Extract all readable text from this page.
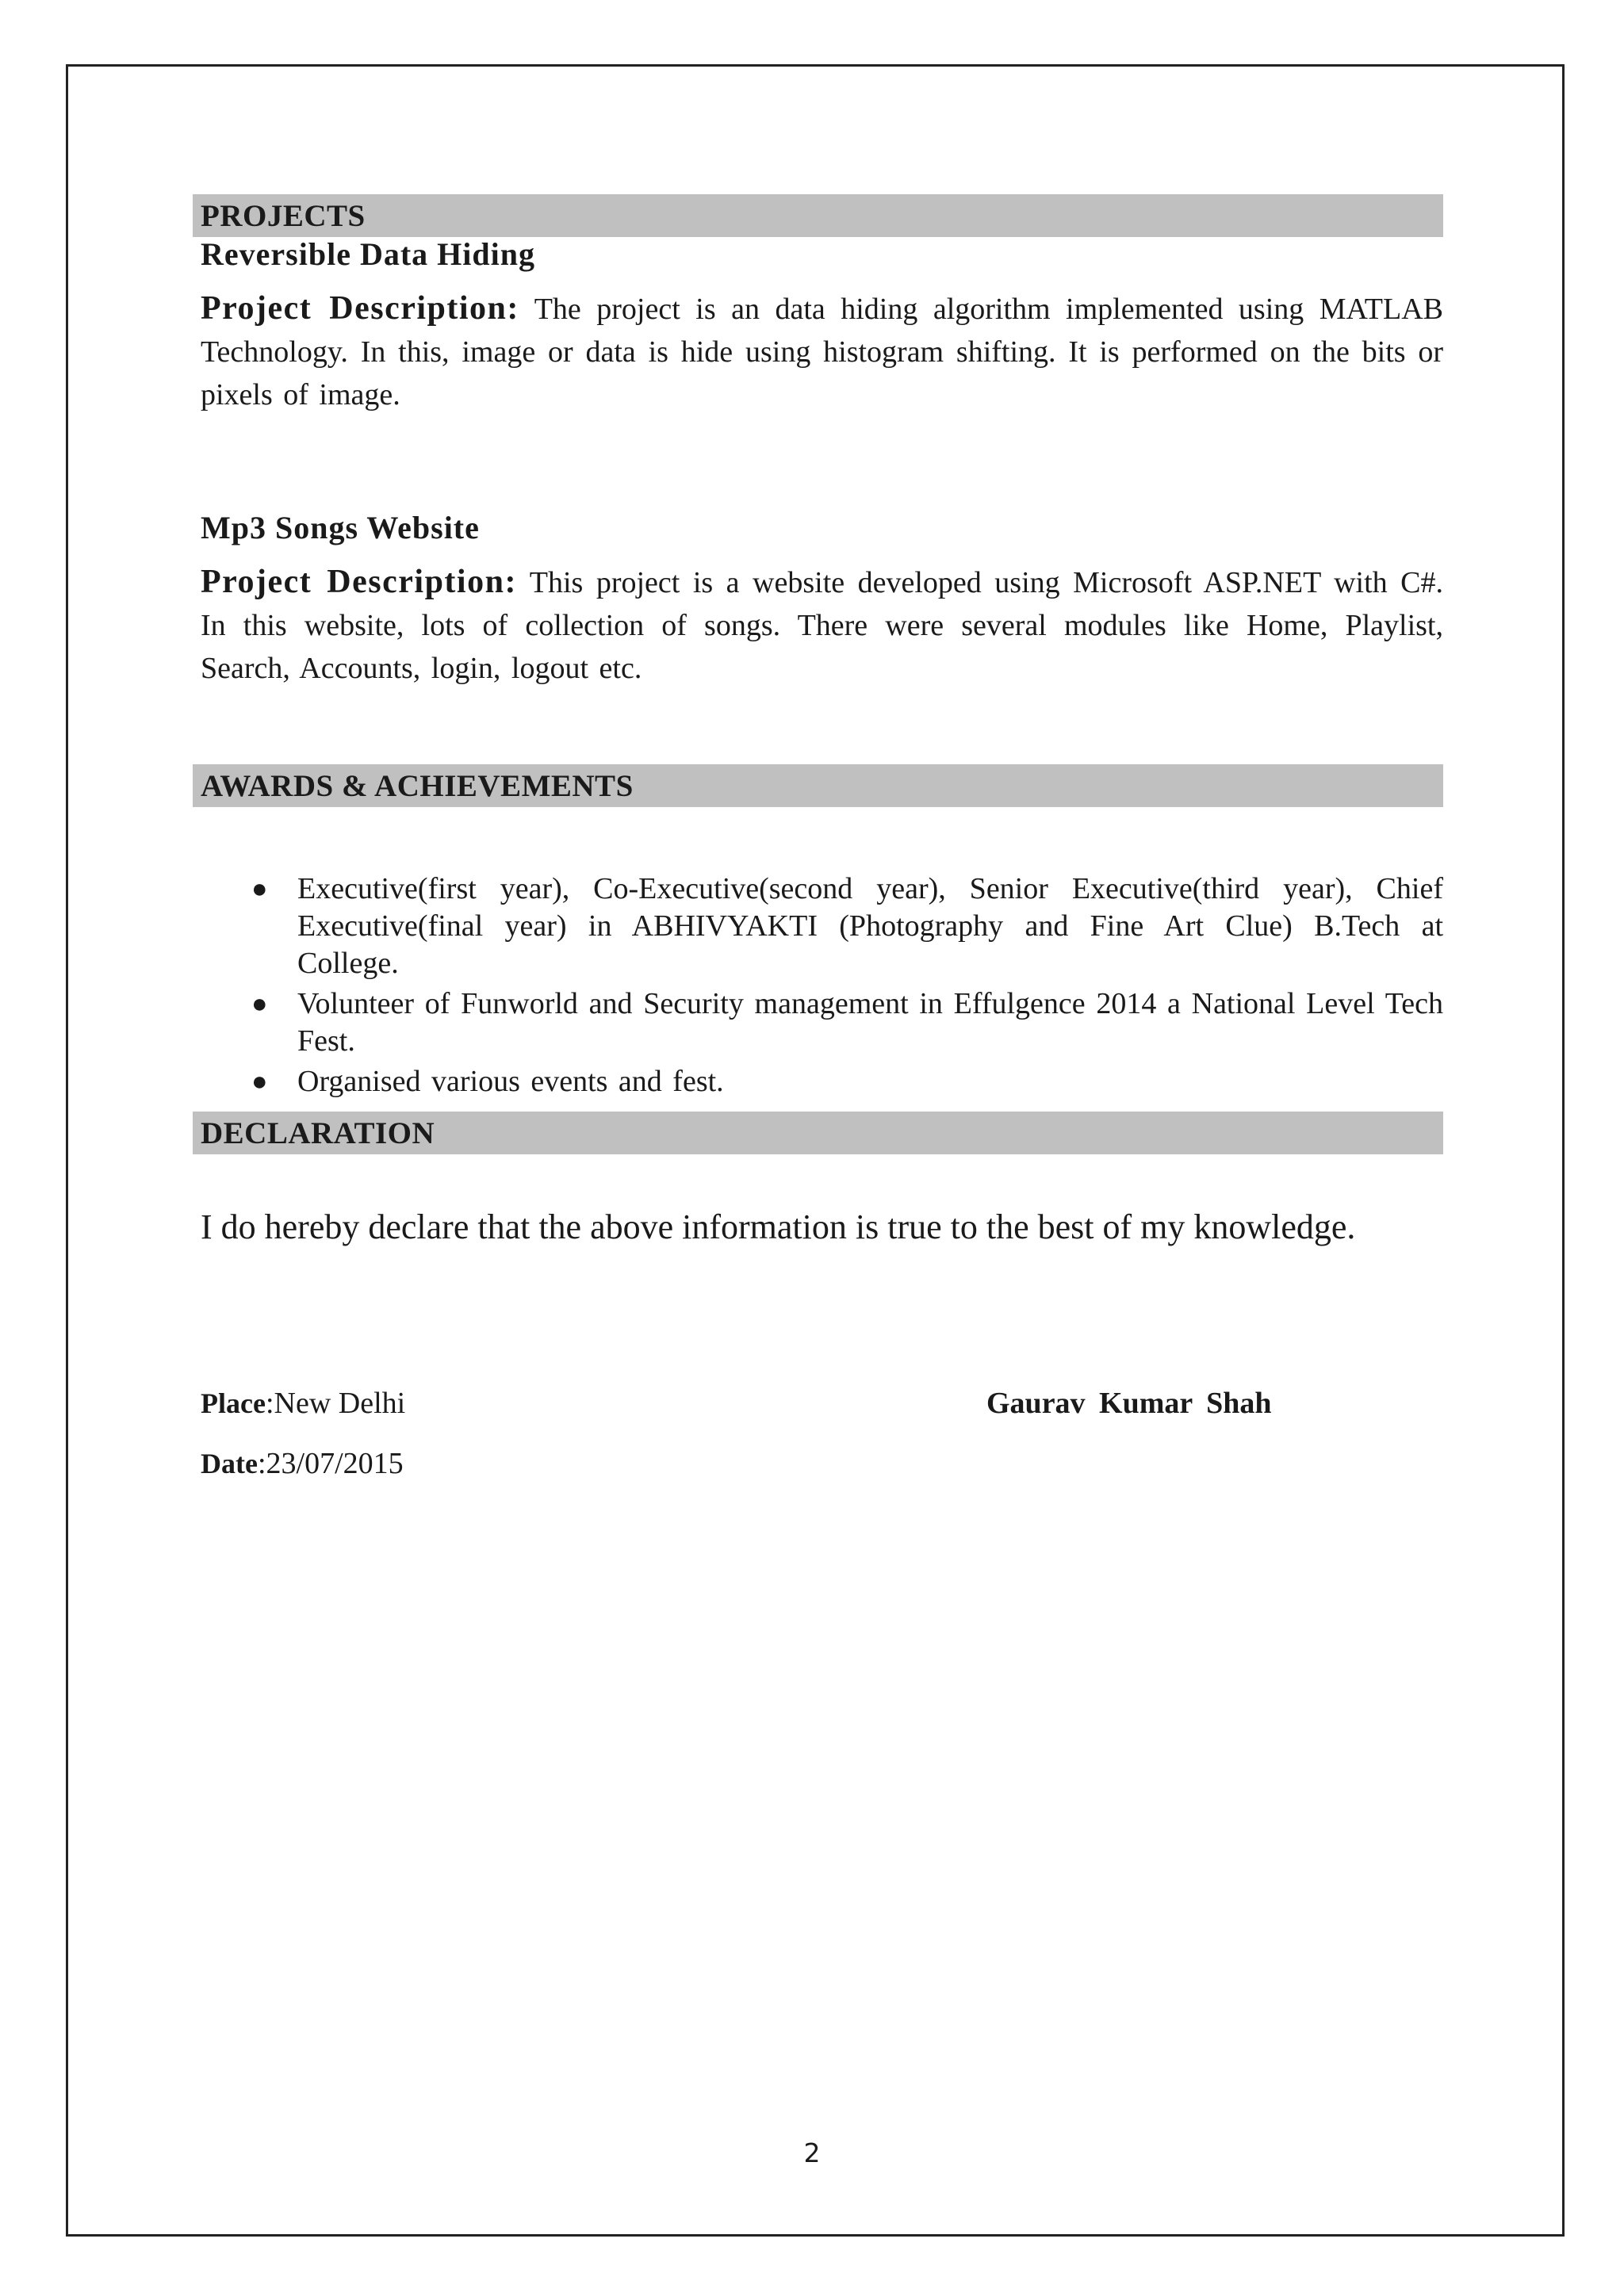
PROJECTS
Reversible Data Hiding
Project Description: The project is an data hiding algorithm implemented using MATLAB Technology. In this, image or data is hide using histogram shifting. It is performed on the bits or pixels of image.
Mp3 Songs Website
Project Description: This project is a website developed using Microsoft ASP.NET with C#. In this website, lots of collection of songs. There were several modules like Home, Playlist, Search, Accounts, login, logout etc.
AWARDS & ACHIEVEMENTS
● Executive(first year), Co-Executive(second year), Senior Executive(third year), Chief Executive(final year) in ABHIVYAKTI (Photography and Fine Art Clue) B.Tech at College.
● Volunteer of Funworld and Security management in Effulgence 2014 a National Level Tech Fest.
● Organised various events and fest.
DECLARATION
I do hereby declare that the above information is true to the best of my knowledge.
Place:New Delhi	Gaurav Kumar Shah
Date:23/07/2015
2
